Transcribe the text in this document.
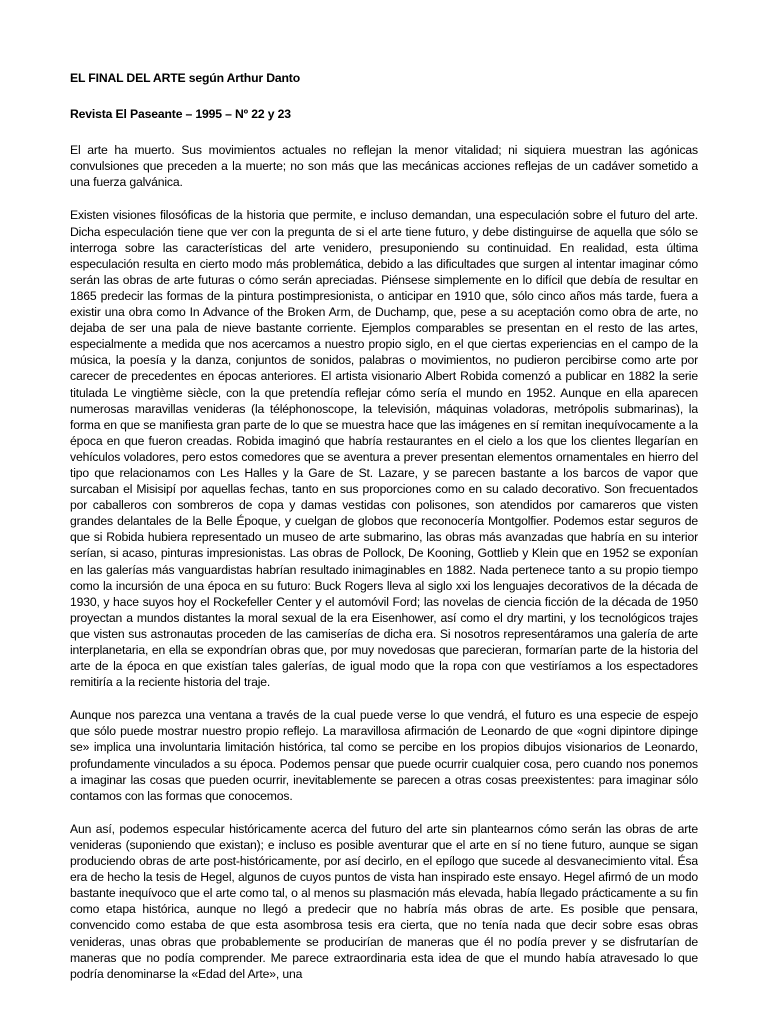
EL FINAL DEL ARTE según Arthur Danto

Revista El Paseante – 1995 – Nº 22 y 23

El arte ha muerto. Sus movimientos actuales no reflejan la menor vitalidad; ni siquiera muestran las agónicas convulsiones que preceden a la muerte; no son más que las mecánicas acciones reflejas de un cadáver sometido a una fuerza galvánica.

Existen visiones filosóficas de la historia que permite, e incluso demandan, una especulación sobre el futuro del arte. Dicha especulación tiene que ver con la pregunta de si el arte tiene futuro, y debe distinguirse de aquella que sólo se interroga sobre las características del arte venidero, presuponiendo su continuidad. En realidad, esta última especulación resulta en cierto modo más problemática, debido a las dificultades que surgen al intentar imaginar cómo serán las obras de arte futuras o cómo serán apreciadas. Piénsese simplemente en lo difícil que debía de resultar en 1865 predecir las formas de la pintura postimpresionista, o anticipar en 1910 que, sólo cinco años más tarde, fuera a existir una obra como In Advance of the Broken Arm, de Duchamp, que, pese a su aceptación como obra de arte, no dejaba de ser una pala de nieve bastante corriente. Ejemplos comparables se presentan en el resto de las artes, especialmente a medida que nos acercamos a nuestro propio siglo, en el que ciertas experiencias en el campo de la música, la poesía y la danza, conjuntos de sonidos, palabras o movimientos, no pudieron percibirse como arte por carecer de precedentes en épocas anteriores. El artista visionario Albert Robida comenzó a publicar en 1882 la serie titulada Le vingtième siècle, con la que pretendía reflejar cómo sería el mundo en 1952. Aunque en ella aparecen numerosas maravillas venideras (la téléphonoscope, la televisión, máquinas voladoras, metrópolis submarinas), la forma en que se manifiesta gran parte de lo que se muestra hace que las imágenes en sí remitan inequívocamente a la época en que fueron creadas. Robida imaginó que habría restaurantes en el cielo a los que los clientes llegarían en vehículos voladores, pero estos comedores que se aventura a prever presentan elementos ornamentales en hierro del tipo que relacionamos con Les Halles y la Gare de St. Lazare, y se parecen bastante a los barcos de vapor que surcaban el Misisipí por aquellas fechas, tanto en sus proporciones como en su calado decorativo. Son frecuentados por caballeros con sombreros de copa y damas vestidas con polisones, son atendidos por camareros que visten grandes delantales de la Belle Époque, y cuelgan de globos que reconocería Montgolfier. Podemos estar seguros de que si Robida hubiera representado un museo de arte submarino, las obras más avanzadas que habría en su interior serían, si acaso, pinturas impresionistas. Las obras de Pollock, De Kooning, Gottlieb y Klein que en 1952 se exponían en las galerías más vanguardistas habrían resultado inimaginables en 1882. Nada pertenece tanto a su propio tiempo como la incursión de una época en su futuro: Buck Rogers lleva al siglo xxi los lenguajes decorativos de la década de 1930, y hace suyos hoy el Rockefeller Center y el automóvil Ford; las novelas de ciencia ficción de la década de 1950 proyectan a mundos distantes la moral sexual de la era Eisenhower, así como el dry martini, y los tecnológicos trajes que visten sus astronautas proceden de las camiserías de dicha era. Si nosotros representáramos una galería de arte interplanetaria, en ella se expondrían obras que, por muy novedosas que parecieran, formarían parte de la historia del arte de la época en que existían tales galerías, de igual modo que la ropa con que vestiríamos a los espectadores remitiría a la reciente historia del traje.

Aunque nos parezca una ventana a través de la cual puede verse lo que vendrá, el futuro es una especie de espejo que sólo puede mostrar nuestro propio reflejo. La maravillosa afirmación de Leonardo de que «ogni dipintore dipinge se» implica una involuntaria limitación histórica, tal como se percibe en los propios dibujos visionarios de Leonardo, profundamente vinculados a su época. Podemos pensar que puede ocurrir cualquier cosa, pero cuando nos ponemos a imaginar las cosas que pueden ocurrir, inevitablemente se parecen a otras cosas preexistentes: para imaginar sólo contamos con las formas que conocemos.

Aun así, podemos especular históricamente acerca del futuro del arte sin plantearnos cómo serán las obras de arte venideras (suponiendo que existan); e incluso es posible aventurar que el arte en sí no tiene futuro, aunque se sigan produciendo obras de arte post-históricamente, por así decirlo, en el epílogo que sucede al desvanecimiento vital. Ésa era de hecho la tesis de Hegel, algunos de cuyos puntos de vista han inspirado este ensayo. Hegel afirmó de un modo bastante inequívoco que el arte como tal, o al menos su plasmación más elevada, había llegado prácticamente a su fin como etapa histórica, aunque no llegó a predecir que no habría más obras de arte. Es posible que pensara, convencido como estaba de que esta asombrosa tesis era cierta, que no tenía nada que decir sobre esas obras venideras, unas obras que probablemente se producirían de maneras que él no podía prever y se disfrutarían de maneras que no podía comprender. Me parece extraordinaria esta idea de que el mundo había atravesado lo que podría denominarse la «Edad del Arte», una
